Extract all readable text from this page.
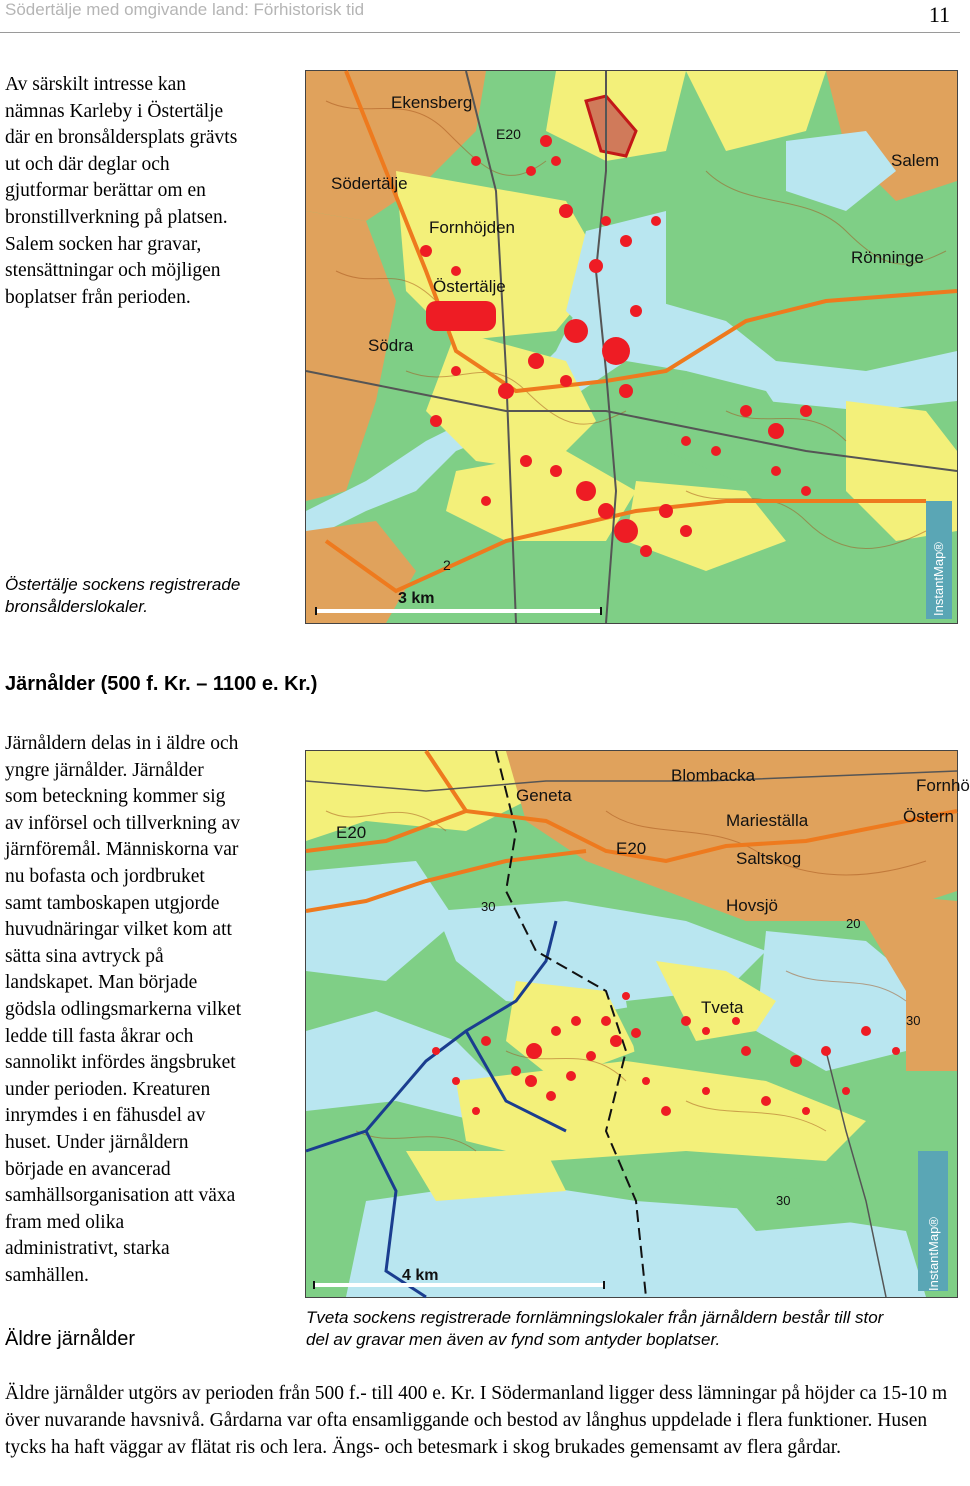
Södertälje med omgivande land: Förhistorisk tid	11
Av särskilt intresse kan
nämnas Karleby i Östertälje
där en bronsåldersplats grävts
ut och där deglar och
gjutformar berättar om en
bronstillverkning på platsen.
Salem socken har gravar,
stensättningar och möjligen
boplatser från perioden.
Östertälje sockens registrerade
bronsålderslokaler.
Ekensberg
E20
Södertälje
Salem
Fornhöjden
Rönninge
Östertälje
Södra
2
3 km	InstantMap®
Järnålder (500 f. Kr. – 1100 e. Kr.)
Järnåldern delas in i äldre och
yngre järnålder. Järnålder
som beteckning kommer sig
av införsel och tillverkning av
järnföremål. Människorna var
nu bofasta och jordbruket
samt tamboskapen utgjorde
huvudnäringar vilket kom att
sätta sina avtryck på
landskapet. Man började
gödsla odlingsmarkerna vilket
ledde till fasta åkrar och
sannolikt infördes ängsbruket
under perioden. Kreaturen
inrymdes i en fähusdel av
huset. Under järnåldern
började en avancerad
samhällsorganisation att växa
fram med olika
administrativt, starka
samhällen.
Blombacka
Geneta
Fornhö
E20
Marieställa	Östern
E20
Saltskog
Hovsjö
Tveta
30
20
30
30
4 km	InstantMap®
Tveta sockens registrerade fornlämningslokaler från järnåldern består till stor
del av gravar men även av fynd som antyder boplatser.
Äldre järnålder
Äldre järnålder utgörs av perioden från 500 f.- till 400 e. Kr. I Södermanland ligger dess lämningar på höjder ca 15-10 m över nuvarande havsnivå. Gårdarna var ofta ensamliggande och bestod av långhus uppdelade i flera funktioner. Husen tycks ha haft väggar av flätat ris och lera. Ängs- och betesmark i skog brukades gemensamt av flera gårdar.
